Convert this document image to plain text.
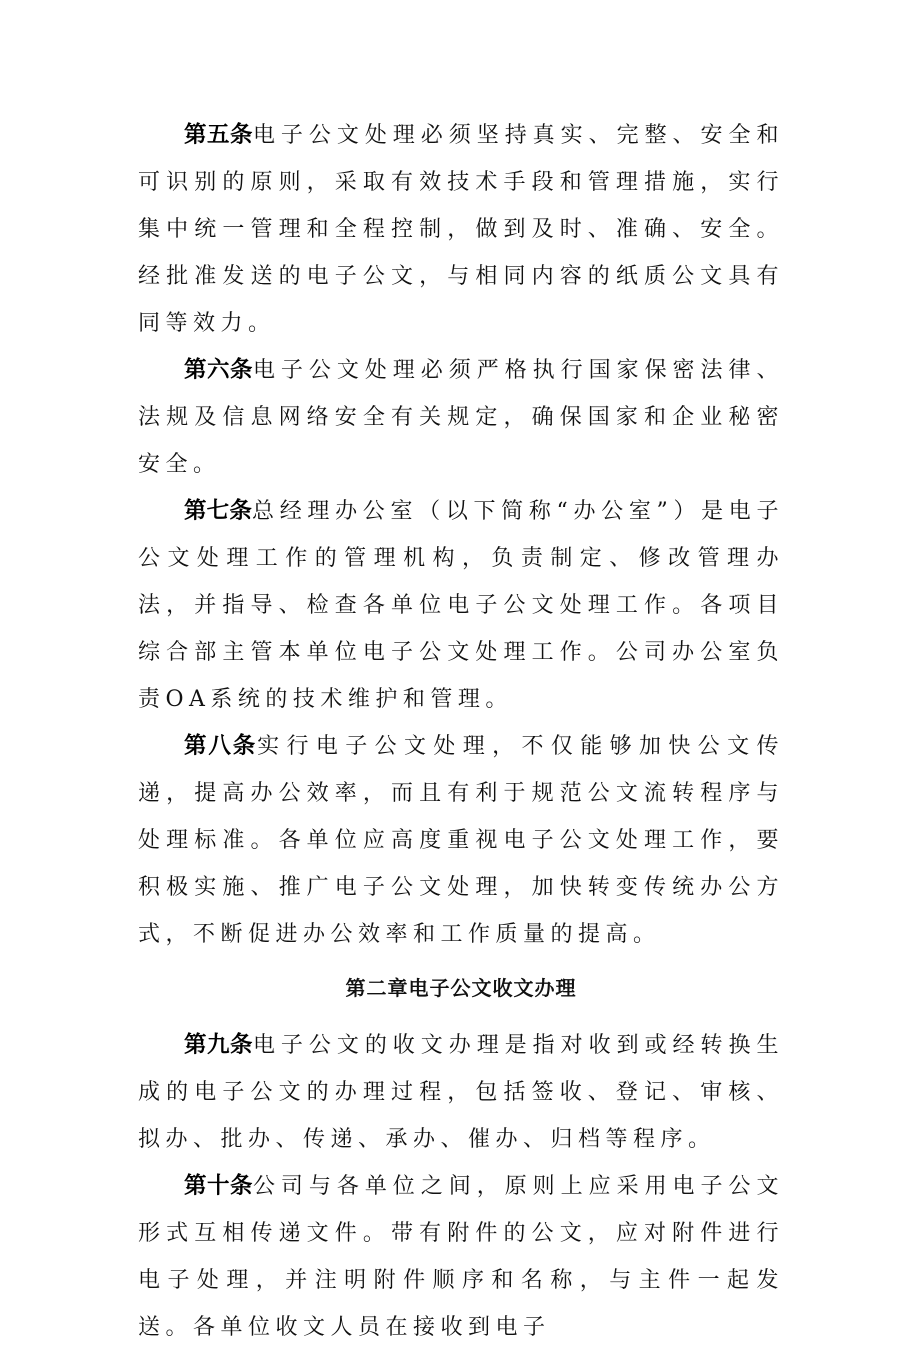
第五条电子公文处理必须坚持真实、完整、安全和可识别的原则，采取有效技术手段和管理措施，实行集中统一管理和全程控制，做到及时、准确、安全。经批准发送的电子公文，与相同内容的纸质公文具有同等效力。

第六条电子公文处理必须严格执行国家保密法律、法规及信息网络安全有关规定，确保国家和企业秘密安全。

第七条总经理办公室（以下简称“办公室”）是电子公文处理工作的管理机构，负责制定、修改管理办法，并指导、检查各单位电子公文处理工作。各项目综合部主管本单位电子公文处理工作。公司办公室负责OA系统的技术维护和管理。

第八条实行电子公文处理，不仅能够加快公文传递，提高办公效率，而且有利于规范公文流转程序与处理标准。各单位应高度重视电子公文处理工作，要积极实施、推广电子公文处理，加快转变传统办公方式，不断促进办公效率和工作质量的提高。

第二章电子公文收文办理

第九条电子公文的收文办理是指对收到或经转换生成的电子公文的办理过程，包括签收、登记、审核、拟办、批办、传递、承办、催办、归档等程序。

第十条公司与各单位之间，原则上应采用电子公文形式互相传递文件。带有附件的公文，应对附件进行电子处理，并注明附件顺序和名称，与主件一起发送。各单位收文人员在接收到电子
